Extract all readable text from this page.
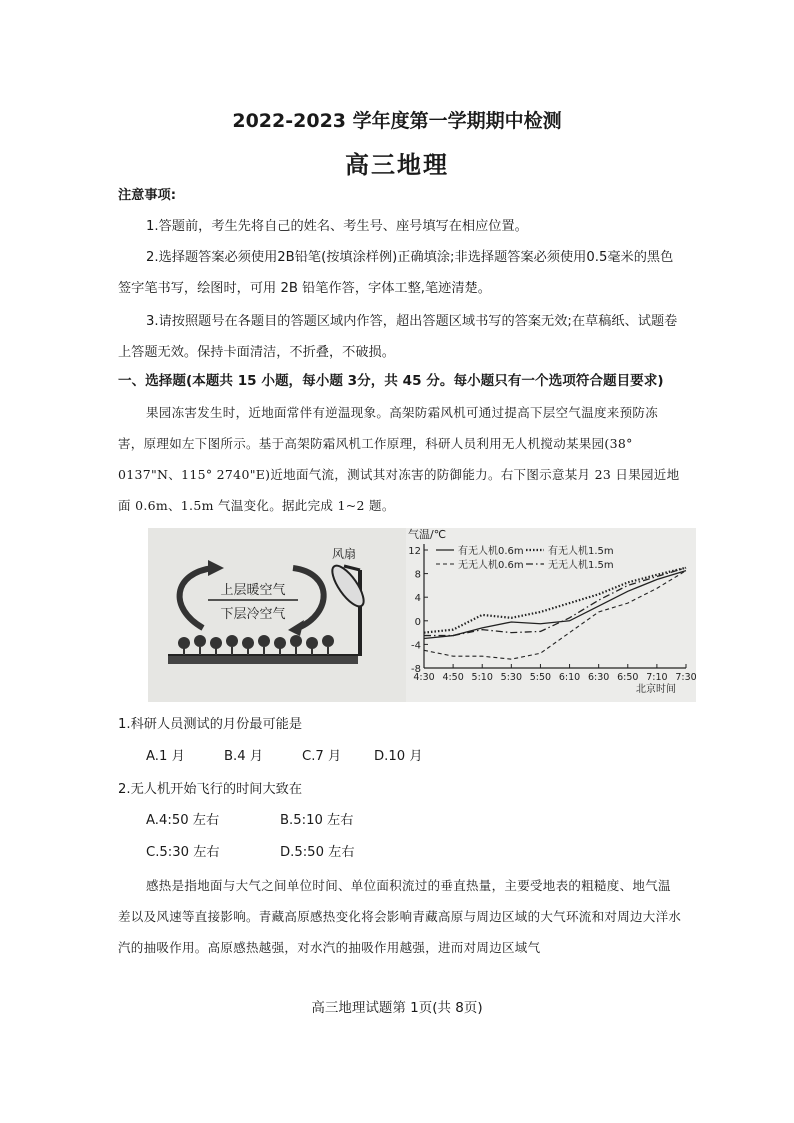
2022-2023 学年度第一学期期中检测
高三地理

注意事项:

1.答题前，考生先将自己的姓名、考生号、座号填写在相应位置。

2.选择题答案必须使用2B铅笔(按填涂样例)正确填涂;非选择题答案必须使用0.5毫米的黑色签字笔书写，绘图时，可用 2B 铅笔作答，字体工整,笔迹清楚。

3.请按照题号在各题目的答题区域内作答，超出答题区域书写的答案无效;在草稿纸、试题卷上答题无效。保持卡面清洁，不折叠，不破损。

一、选择题(本题共 15 小题，每小题 3分，共 45 分。每小题只有一个选项符合题目要求)

果园冻害发生时，近地面常伴有逆温现象。高架防霜风机可通过提高下层空气温度来预防冻害，原理如左下图所示。基于高架防霜风机工作原理，科研人员利用无人机搅动某果园(38° 0137"N、115° 2740"E)近地面气流，测试其对冻害的防御能力。右下图示意某月 23 日果园近地面 0.6m、1.5m 气温变化。据此完成 1~2 题。

上层暖空气
下层冷空气
风扇
气温/℃
北京时间
12
8
4
0
-4
-8
4:30 4:50 5:10 5:30 5:50 6:10 6:30 6:50 7:10 7:30
有无人机0.6m 有无人机1.5m
无无人机0.6m 无无人机1.5m

1.科研人员测试的月份最可能是

A.1 月	B.4 月	C.7 月 D.10 月

2.无人机开始飞行的时间大致在

A.4:50 左右	B.5:10 左右
C.5:30 左右	D.5:50 左右

感热是指地面与大气之间单位时间、单位面积流过的垂直热量，主要受地表的粗糙度、地气温差以及风速等直接影响。青藏高原感热变化将会影响青藏高原与周边区域的大气环流和对周边大洋水汽的抽吸作用。高原感热越强，对水汽的抽吸作用越强，进而对周边区域气

高三地理试题第 1页(共 8页)
